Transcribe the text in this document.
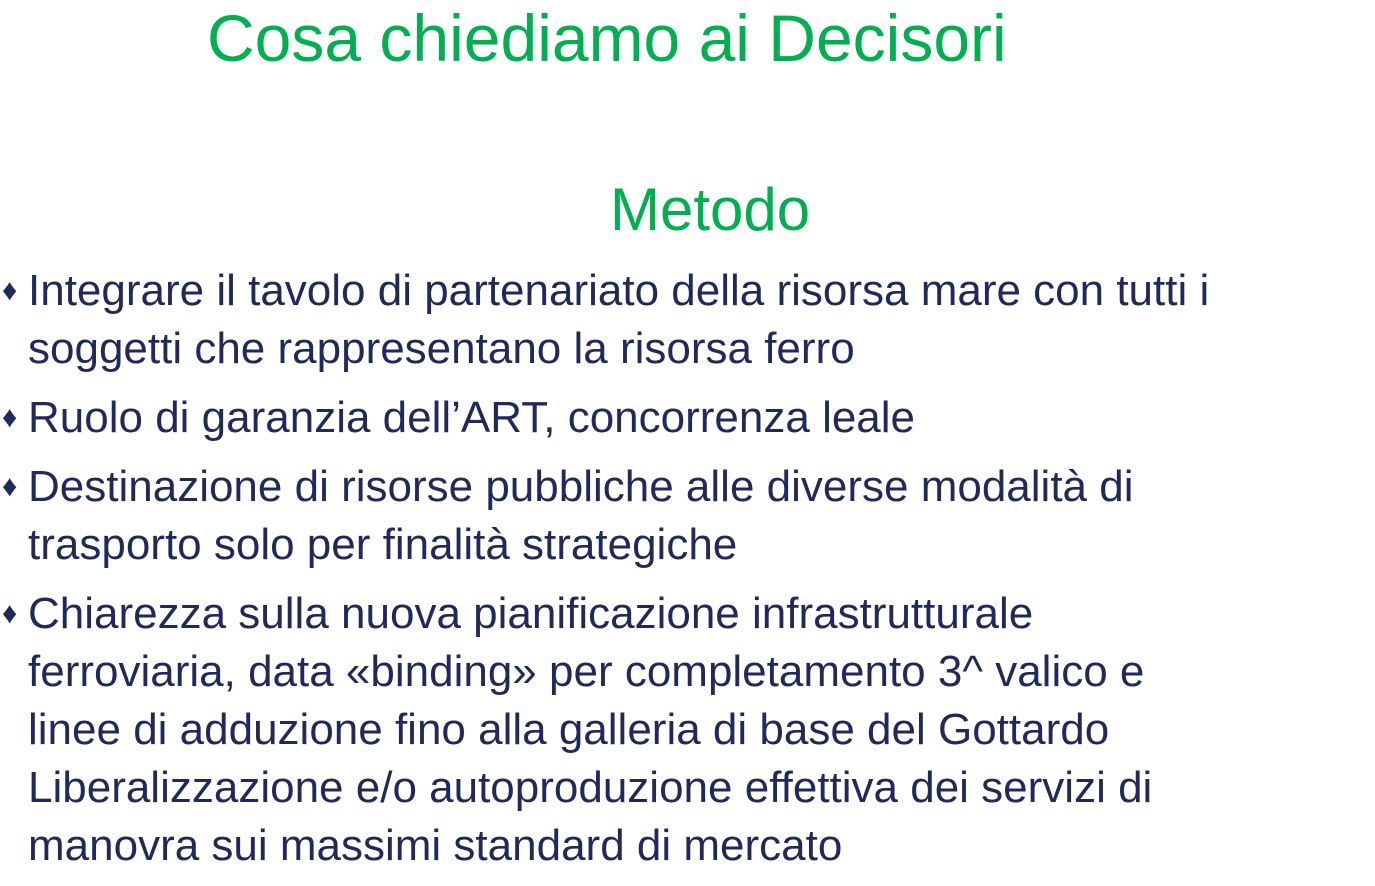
Cosa chiediamo ai Decisori
Metodo
♦ Integrare il tavolo di partenariato della risorsa mare con tutti i
soggetti che rappresentano la risorsa ferro
♦ Ruolo di garanzia dell’ART, concorrenza leale
♦ Destinazione di risorse pubbliche alle diverse modalità di
trasporto solo per finalità strategiche
♦ Chiarezza sulla nuova pianificazione infrastrutturale
ferroviaria, data «binding» per completamento 3^ valico e
linee di adduzione fino alla galleria di base del Gottardo
Liberalizzazione e/o autoproduzione effettiva dei servizi di
manovra sui massimi standard di mercato
